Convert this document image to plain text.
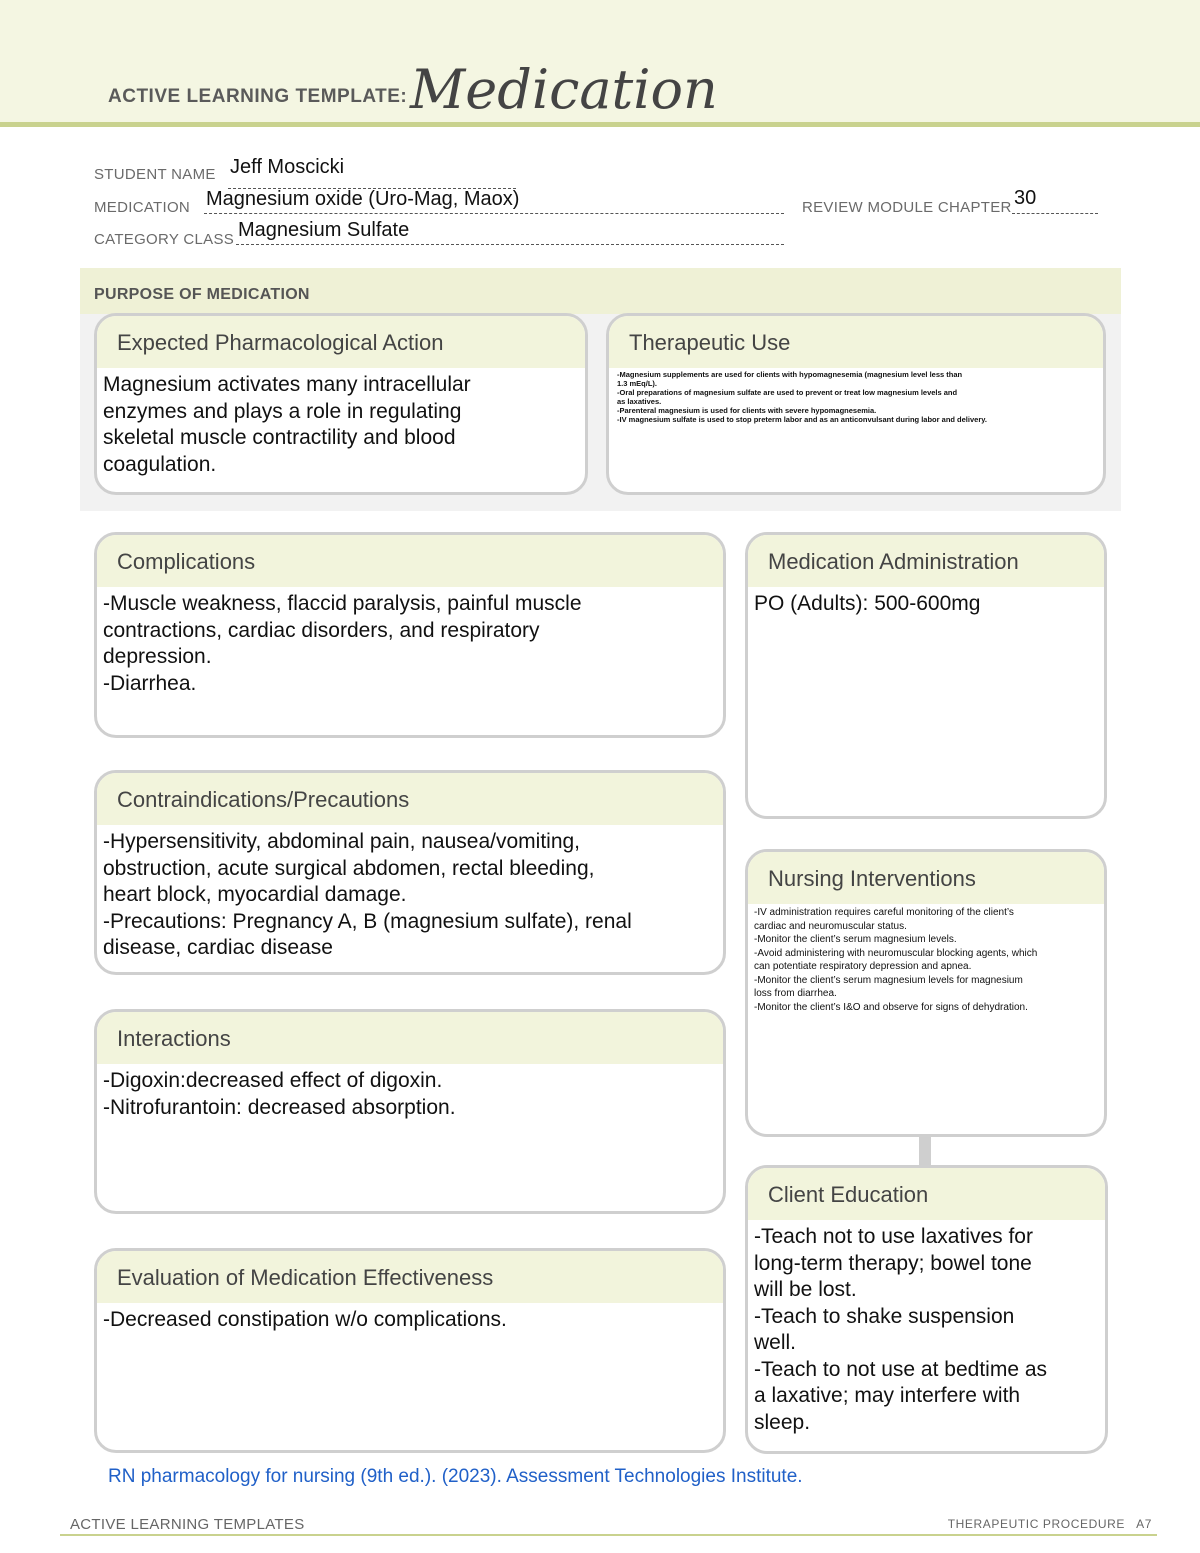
ACTIVE LEARNING TEMPLATE: Medication
STUDENT NAME Jeff Moscicki
MEDICATION Magnesium oxide (Uro-Mag, Maox)	REVIEW MODULE CHAPTER 30
CATEGORY CLASS Magnesium Sulfate
PURPOSE OF MEDICATION
Expected Pharmacological Action
Magnesium activates many intracellular
enzymes and plays a role in regulating
skeletal muscle contractility and blood
coagulation.
Therapeutic Use
-Magnesium supplements are used for clients with hypomagnesemia (magnesium level less than
1.3 mEq/L).
-Oral preparations of magnesium sulfate are used to prevent or treat low magnesium levels and
as laxatives.
-Parenteral magnesium is used for clients with severe hypomagnesemia.
-IV magnesium sulfate is used to stop preterm labor and as an anticonvulsant during labor and delivery.
Complications
-Muscle weakness, flaccid paralysis, painful muscle
contractions, cardiac disorders, and respiratory
depression.
-Diarrhea.
Contraindications/Precautions
-Hypersensitivity, abdominal pain, nausea/vomiting,
obstruction, acute surgical abdomen, rectal bleeding,
heart block, myocardial damage.
-Precautions: Pregnancy A, B (magnesium sulfate), renal
disease, cardiac disease
Interactions
-Digoxin:decreased effect of digoxin.
-Nitrofurantoin: decreased absorption.
Evaluation of Medication Effectiveness
-Decreased constipation w/o complications.
Medication Administration
PO (Adults): 500-600mg
Nursing Interventions
-IV administration requires careful monitoring of the client’s
cardiac and neuromuscular status.
-Monitor the client’s serum magnesium levels.
-Avoid administering with neuromuscular blocking agents, which
can potentiate respiratory depression and apnea.
-Monitor the client’s serum magnesium levels for magnesium
loss from diarrhea.
-Monitor the client’s I&O and observe for signs of dehydration.
Client Education
-Teach not to use laxatives for
long-term therapy; bowel tone
will be lost.
-Teach to shake suspension
well.
-Teach to not use at bedtime as
a laxative; may interfere with
sleep.
RN pharmacology for nursing (9th ed.). (2023). Assessment Technologies Institute.
ACTIVE LEARNING TEMPLATES	THERAPEUTIC PROCEDURE   A7
